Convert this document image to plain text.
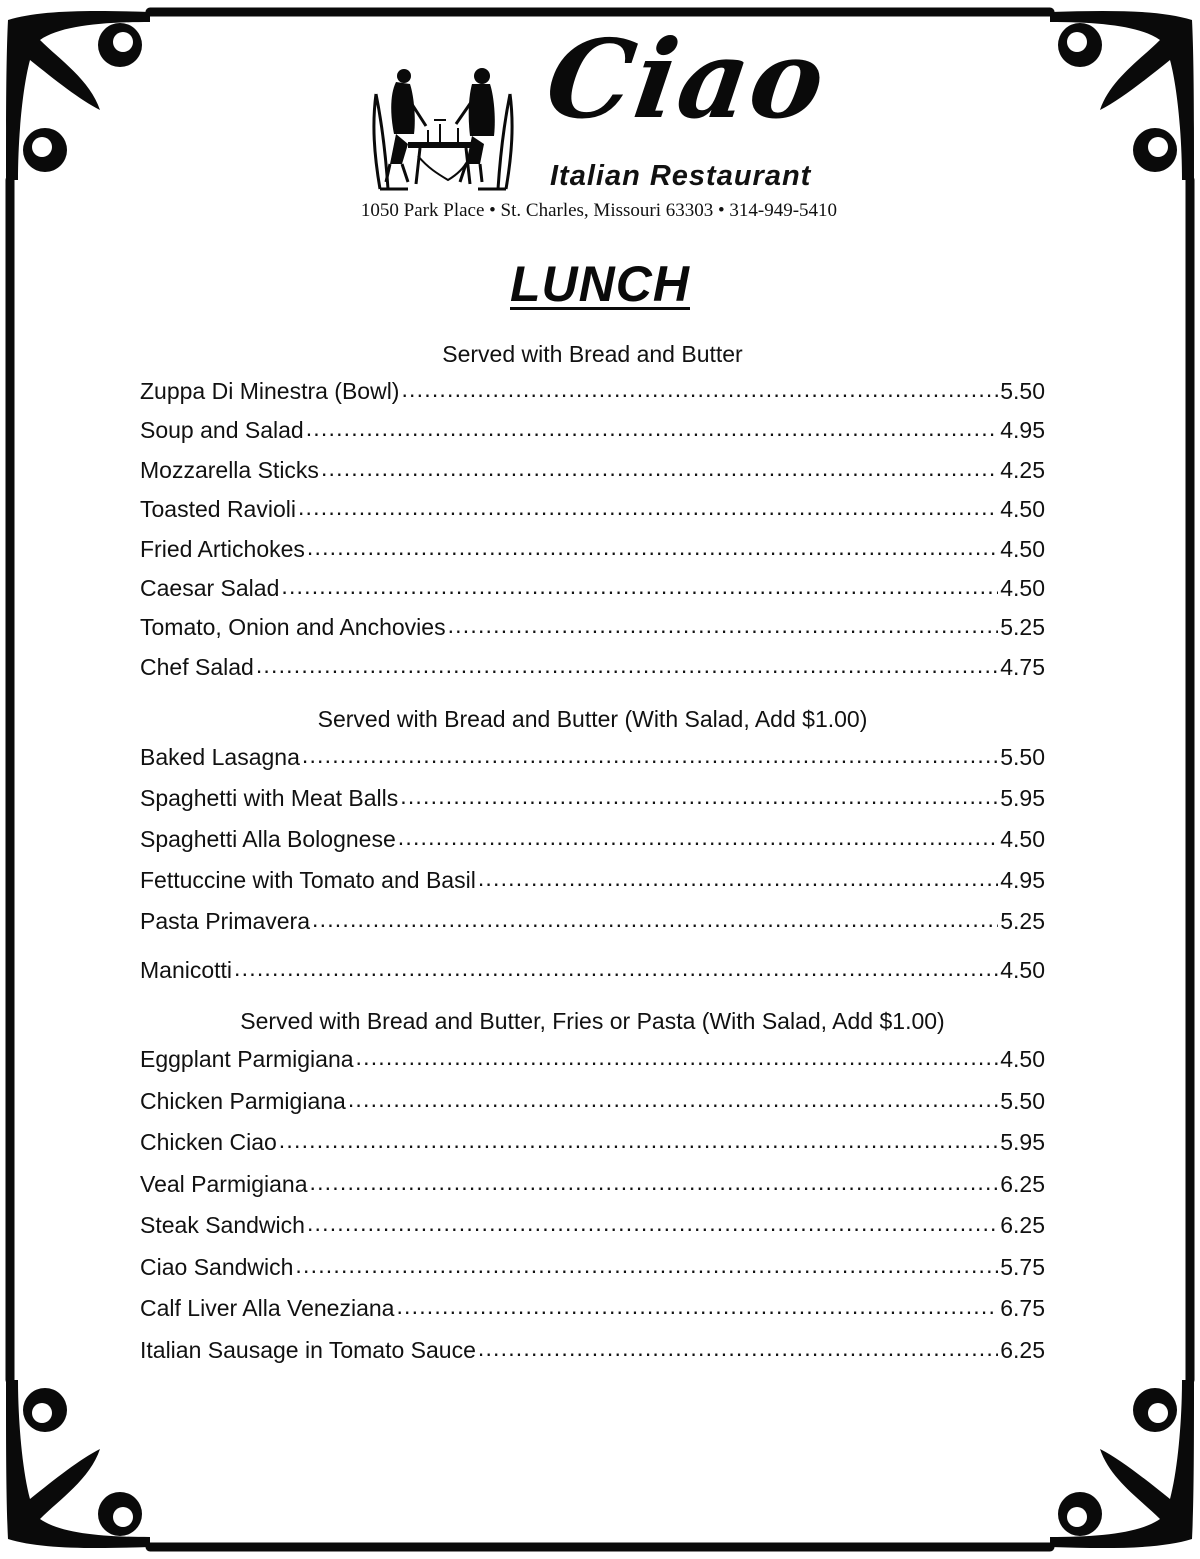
Ciao
Italian Restaurant
1050 Park Place • St. Charles, Missouri 63303 • 314-949-5410
LUNCH
Served with Bread and Butter
Zuppa Di Minestra (Bowl) .....	5.50
Soup and Salad .....	4.95
Mozzarella Sticks .....	4.25
Toasted Ravioli .....	4.50
Fried Artichokes .....	4.50
Caesar Salad .....	4.50
Tomato, Onion and Anchovies .....	5.25
Chef Salad .....	4.75
Served with Bread and Butter (With Salad, Add $1.00)
Baked Lasagna .....	5.50
Spaghetti with Meat Balls .....	5.95
Spaghetti Alla Bolognese .....	4.50
Fettuccine with Tomato and Basil .....	4.95
Pasta Primavera .....	5.25
Manicotti .....	4.50
Served with Bread and Butter, Fries or Pasta (With Salad, Add $1.00)
Eggplant Parmigiana .....	4.50
Chicken Parmigiana .....	5.50
Chicken Ciao .....	5.95
Veal Parmigiana .....	6.25
Steak Sandwich .....	6.25
Ciao Sandwich .....	5.75
Calf Liver Alla Veneziana .....	6.75
Italian Sausage in Tomato Sauce .....	6.25
